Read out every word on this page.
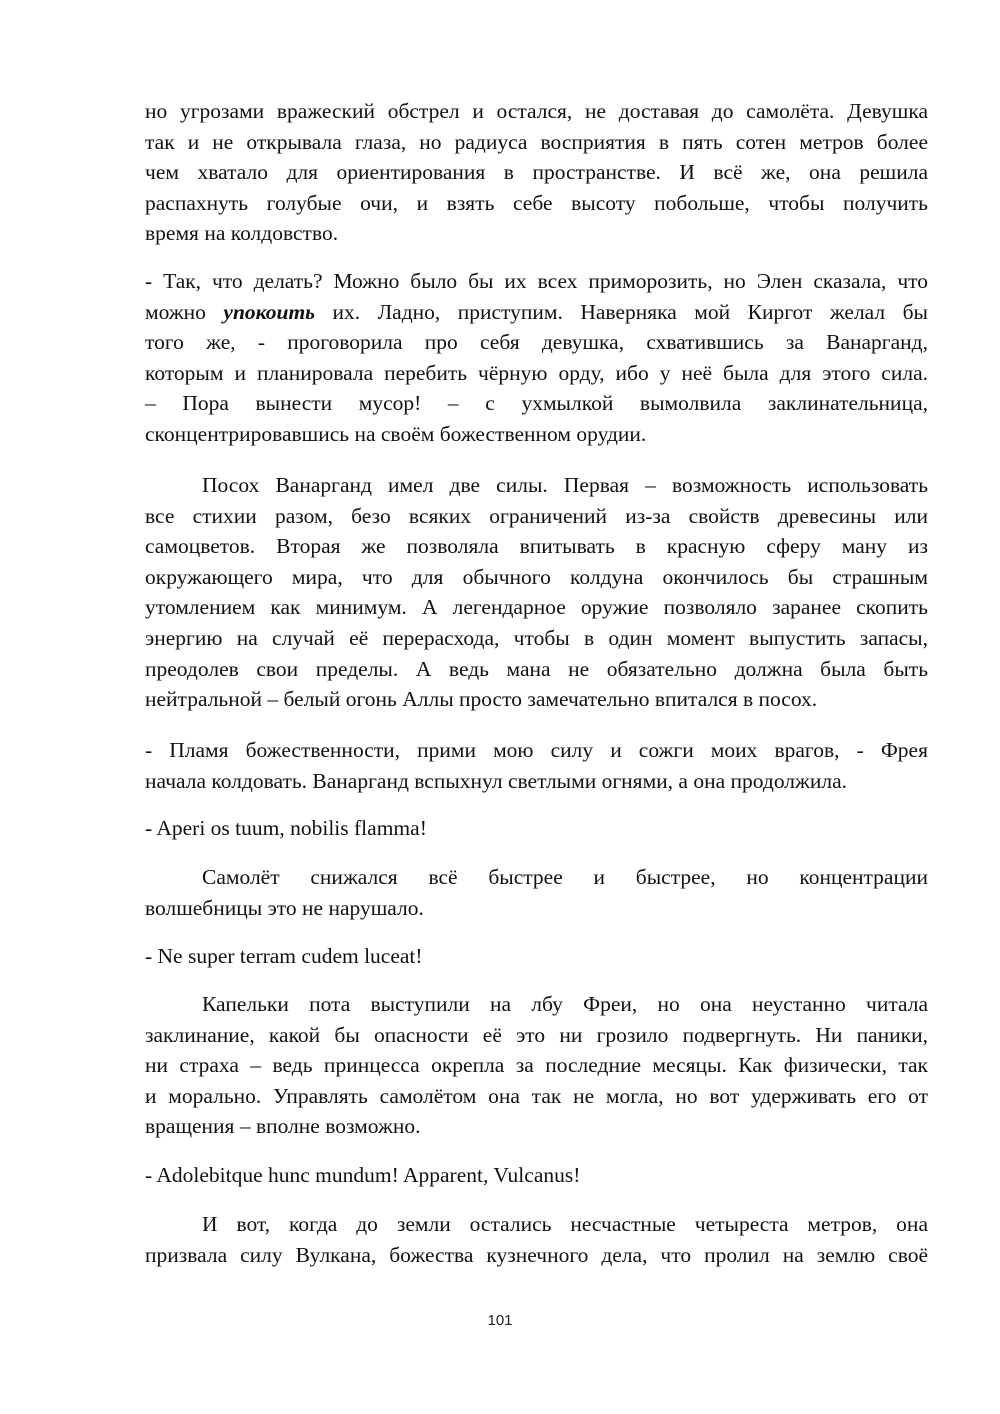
но угрозами вражеский обстрел и остался, не доставая до самолёта. Девушка
так и не открывала глаза, но радиуса восприятия в пять сотен метров более
чем хватало для ориентирования в пространстве. И всё же, она решила
распахнуть голубые очи, и взять себе высоту побольше, чтобы получить
время на колдовство.
- Так, что делать? Можно было бы их всех приморозить, но Элен сказала, что
можно упокоить их. Ладно, приступим. Наверняка мой Киргот желал бы
того же, - проговорила про себя девушка, схватившись за Ванарганд,
которым и планировала перебить чёрную орду, ибо у неё была для этого сила.
– Пора вынести мусор! – с ухмылкой вымолвила заклинательница,
сконцентрировавшись на своём божественном орудии.
Посох Ванарганд имел две силы. Первая – возможность использовать
все стихии разом, безо всяких ограничений из-за свойств древесины или
самоцветов. Вторая же позволяла впитывать в красную сферу ману из
окружающего мира, что для обычного колдуна окончилось бы страшным
утомлением как минимум. А легендарное оружие позволяло заранее скопить
энергию на случай её перерасхода, чтобы в один момент выпустить запасы,
преодолев свои пределы. А ведь мана не обязательно должна была быть
нейтральной – белый огонь Аллы просто замечательно впитался в посох.
- Пламя божественности, прими мою силу и сожги моих врагов, - Фрея
начала колдовать. Ванарганд вспыхнул светлыми огнями, а она продолжила.
- Aperi os tuum, nobilis flamma!
Самолёт снижался всё быстрее и быстрее, но концентрации
волшебницы это не нарушало.
- Ne super terram cudem luceat!
Капельки пота выступили на лбу Фреи, но она неустанно читала
заклинание, какой бы опасности её это ни грозило подвергнуть. Ни паники,
ни страха – ведь принцесса окрепла за последние месяцы. Как физически, так
и морально. Управлять самолётом она так не могла, но вот удерживать его от
вращения – вполне возможно.
- Adolebitque hunc mundum! Apparent, Vulcanus!
И вот, когда до земли остались несчастные четыреста метров, она
призвала силу Вулкана, божества кузнечного дела, что пролил на землю своё
101
